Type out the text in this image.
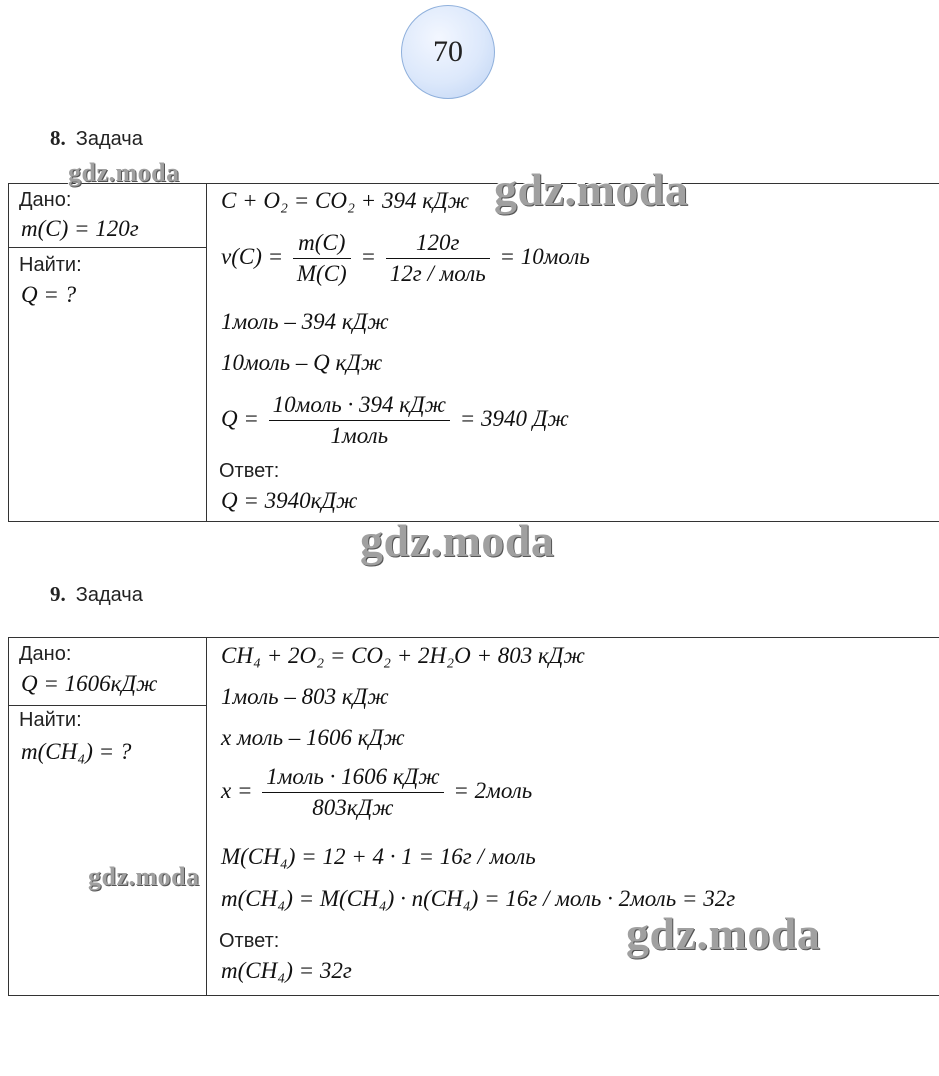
70
8. Задача
Дано:
m(C) = 120г
Найти:
Q = ?
C + O₂ = CO₂ + 394 кДж
$\nu(C) = \frac{m(C)}{M(C)} = \frac{120г}{\text{12г / моль}}$ = 10моль
1моль – 394 кДж
10моль – Q кДж
$Q = \frac{\text{10моль · 394 кДж}}{\text{1моль}} = 3940$ Дж
Ответ:
Q = 3940кДж
9. Задача
Дано:
Q = 1606кДж
Найти:
m(CH₄) = ?
CH₄ + 2O₂ = CO₂ + 2H₂O + 803 кДж
1моль – 803 кДж
x моль – 1606 кДж
$x = \frac{\text{1моль · 1606 кДж}}{\text{803кДж}}$ = 2моль
M(CH₄) = 12 + 4 · 1 = 16г / моль
m(CH₄) = M(CH₄) · n(CH₄) = 16г / моль · 2моль = 32г
Ответ:
m(CH₄) = 32г
gdz.moda	gdz.moda
gdz.moda
gdz.moda
gdz.moda
